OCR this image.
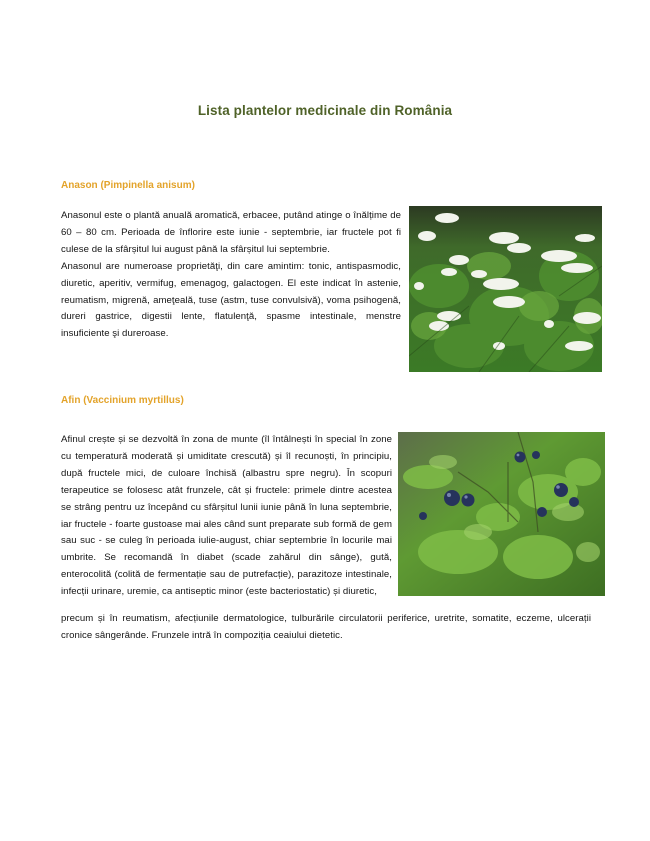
Lista plantelor medicinale din România
Anason (Pimpinella anisum)

Anasonul este o plantă anuală aromatică, erbacee, putând atinge o înălțime de 60 – 80 cm. Perioada de înflorire este iunie - septembrie, iar fructele pot fi culese de la sfârșitul lui august până la sfârșitul lui septembrie.

Anasonul are numeroase proprietăţi, din care amintim: tonic, antispasmodic, diuretic, aperitiv, vermifug, emenagog, galactogen. El este indicat în astenie, reumatism, migrenă, ameţeală, tuse (astm, tuse convulsivă), voma psihogenă, dureri gastrice, digestii lente, flatulenţă, spasme intestinale, menstre insuficiente şi dureroase.

Afin (Vaccinium myrtillus)

Afinul crește și se dezvoltă în zona de munte (îl întâlnești în special în zone cu temperatură moderată și umiditate crescută) și îl recunoști, în principiu, după fructele mici, de culoare închisă (albastru spre negru). În scopuri terapeutice se folosesc atât frunzele, cât și fructele: primele dintre acestea se strâng pentru uz începând cu sfârșitul lunii iunie până în luna septembrie, iar fructele - foarte gustoase mai ales când sunt preparate sub formă de gem sau suc - se culeg în perioada iulie-august, chiar septembrie în locurile mai umbrite. Se recomandă în diabet (scade zahărul din sânge), gută, enterocolită (colită de fermentație sau de putrefacție), parazitoze intestinale, infecții urinare, uremie, ca antiseptic minor (este bacteriostatic) și diuretic,

precum și în reumatism, afecțiunile dermatologice, tulburările circulatorii periferice, uretrite, somatite, eczeme, ulcerații cronice sângerânde. Frunzele intră în compoziția ceaiului dietetic.
